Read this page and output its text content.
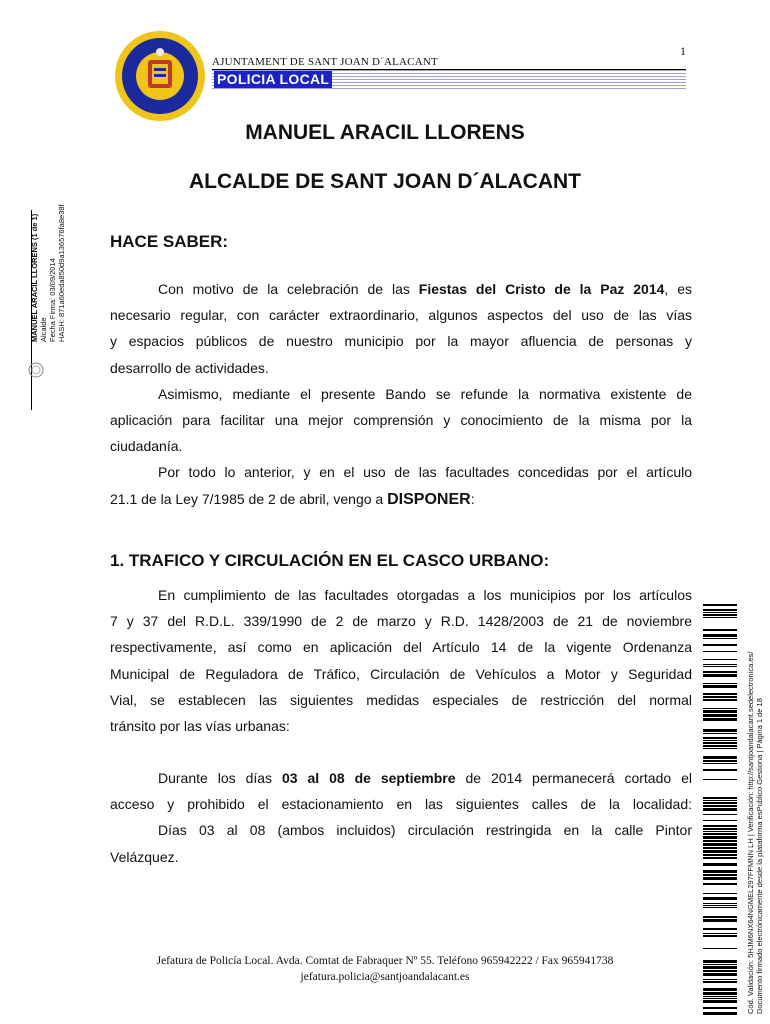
1
AJUNTAMENT DE SANT JOAN D´ALACANT
POLICIA LOCAL
MANUEL ARACIL LLORENS (1 de 1) Alcalde Fecha Firma: 03/09/2014 HASH: 871a60eda850d9a136576fa8e38f
MANUEL ARACIL LLORENS
ALCALDE DE SANT JOAN D´ALACANT
HACE SABER:
Con motivo de la celebración de las Fiestas del Cristo de la Paz 2014, es
necesario regular, con carácter extraordinario, algunos aspectos del uso de las vías
y espacios públicos de nuestro municipio por la mayor afluencia de personas y
desarrollo de actividades.
Asimismo, mediante el presente Bando se refunde la normativa existente de
aplicación para facilitar una mejor comprensión y conocimiento de la misma por la
ciudadanía.
Por todo lo anterior, y en el uso de las facultades concedidas por el artículo
21.1 de la Ley 7/1985 de 2 de abril, vengo a DISPONER:
1. TRAFICO Y CIRCULACIÓN EN EL CASCO URBANO:
En cumplimiento de las facultades otorgadas a los municipios por los artículos
7 y 37 del R.D.L. 339/1990 de 2 de marzo y R.D. 1428/2003 de 21 de noviembre
respectivamente, así como en aplicación del Artículo 14 de la vigente Ordenanza
Municipal de Reguladora de Tráfico, Circulación de Vehículos a Motor y Seguridad
Vial, se establecen las siguientes medidas especiales de restricción del normal
tránsito por las vías urbanas:
Durante los días 03 al 08 de septiembre de 2014 permanecerá cortado el
acceso y prohibido el estacionamiento en las siguientes calles de la localidad:
Días 03 al 08 (ambos incluidos) circulación restringida en la calle Pintor
Velázquez.
Jefatura de Policía Local. Avda. Comtat de Fabraquer Nº 55. Teléfono 965942222 / Fax 965941738
jefatura.policia@santjoandalacant.es	Cód. Validación: 5HJM6NX64NGMEL297FFMNN LH | Verificación: http://santjoandalacant.sedelectronica.es/ Documento firmado electrónicamente desde la plataforma esPublico Gestiona | Página 1 de 18
